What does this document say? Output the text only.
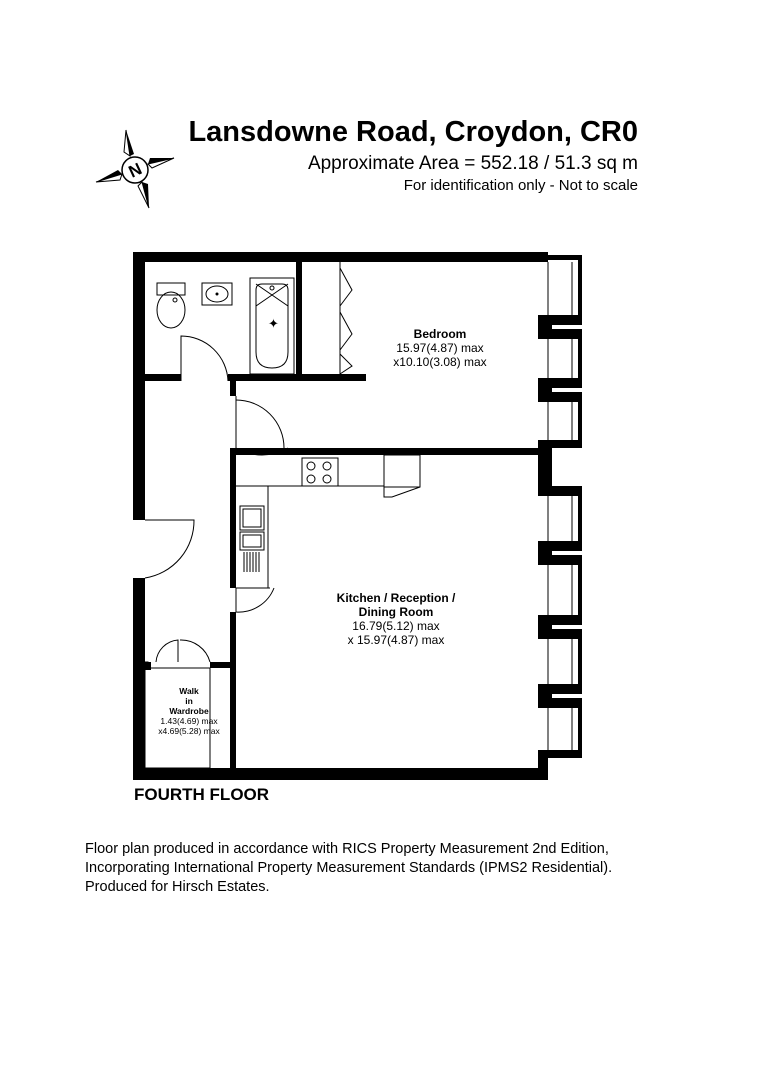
Lansdowne Road, Croydon, CR0
Approximate Area = 552.18 / 51.3 sq m
For identification only - Not to scale
N
✦
Bedroom
15.97(4.87) max
x10.10(3.08) max
Kitchen / Reception /
Dining Room
16.79(5.12) max
x 15.97(4.87) max
Walk
in
Wardrobe
1.43(4.69) max
x4.69(5.28) max
FOURTH FLOOR
Floor plan produced in accordance with RICS Property Measurement 2nd Edition,
Incorporating International Property Measurement Standards (IPMS2 Residential).
Produced for Hirsch Estates.
